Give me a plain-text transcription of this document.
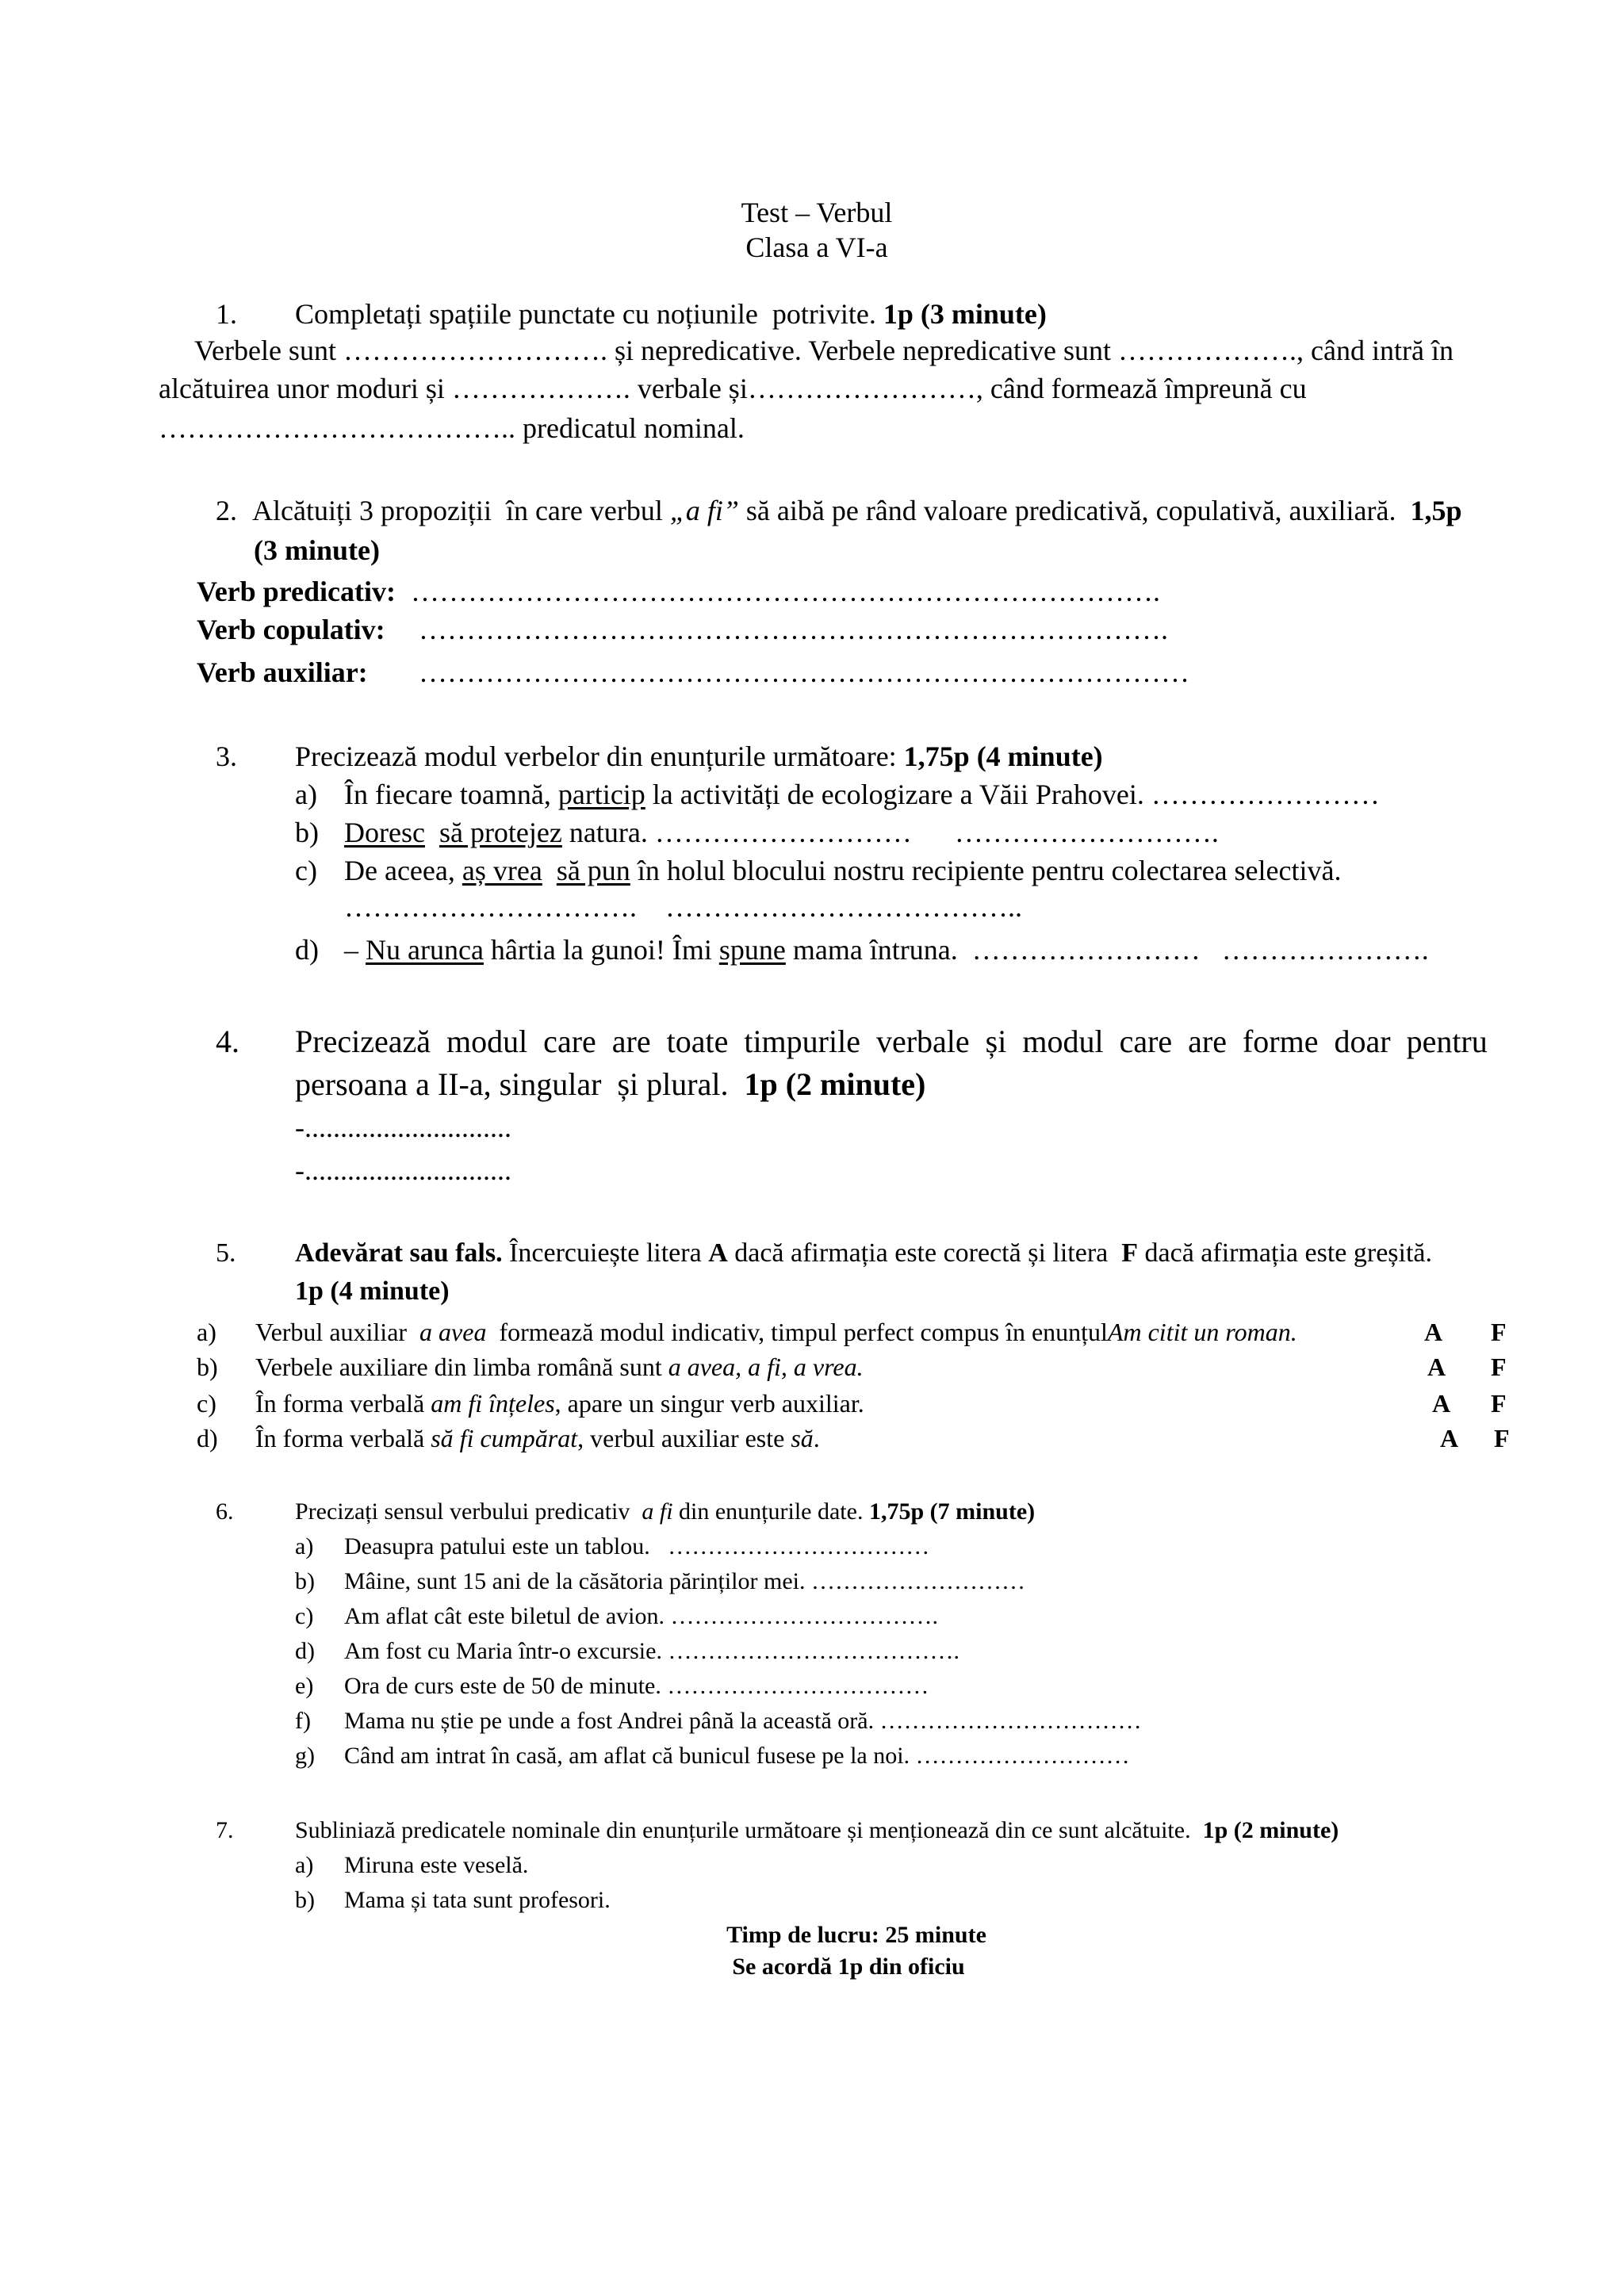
Test – Verbul
Clasa a VI-a
1. Completați spațiile punctate cu noțiunile  potrivite. 1p (3 minute)
Verbele sunt ………………………. și nepredicative. Verbele nepredicative sunt ………………., când intră în
alcătuirea unor moduri și ………………. verbale și……………………, când formează împreună cu
……………………………….. predicatul nominal.
2. Alcătuiți 3 propoziții  în care verbul „a fi” să aibă pe rând valoare predicativă, copulativă, auxiliară. 1,5p
(3 minute)
Verb predicativ: …………………………………………………………………….
Verb copulativ: …………………………………………………………………….
Verb auxiliar: ………………………………………………………………………
3. Precizează modul verbelor din enunțurile următoare: 1,75p (4 minute)
a) În fiecare toamnă, particip la activități de ecologizare a Văii Prahovei. ……………………
b) Doresc să protejez natura. ……………………… ……………………….
c) De aceea, aș vrea să pun în holul blocului nostru recipiente pentru colectarea selectivă.
…………………………. ………………………………..
d) – Nu arunca hârtia la gunoi! Îmi spune mama întruna. …………………… ………………….
4. Precizează  modul  care  are  toate  timpurile  verbale  și  modul  care  are  forme  doar  pentru
persoana a II-a, singular  și plural. 1p (2 minute)
-.............................
-.............................
5. Adevărat sau fals. Încercuiește litera A dacă afirmația este corectă și litera F dacă afirmația este greșită.
1p (4 minute)
a) Verbul auxiliar a avea formează modul indicativ, timpul perfect compus în enunțulAm citit un roman.	A F
b) Verbele auxiliare din limba română sunt a avea, a fi, a vrea.	A F
c) În forma verbală am fi înțeles, apare un singur verb auxiliar.	A F
d) În forma verbală să fi cumpărat, verbul auxiliar este să.	A F
6.	Precizați sensul verbului predicativ a fi din enunțurile date. 1,75p (7 minute)
a) Deasupra patului este un tablou.   ……………………………
b) Mâine, sunt 15 ani de la căsătoria părinților mei. ………………………
c) Am aflat cât este biletul de avion. …………………………….
d) Am fost cu Maria într-o excursie. ……………………………….
e) Ora de curs este de 50 de minute. ……………………………
f) Mama nu știe pe unde a fost Andrei până la această oră. ……………………………
g) Când am intrat în casă, am aflat că bunicul fusese pe la noi. ………………………
7.	Subliniază predicatele nominale din enunțurile următoare și menționează din ce sunt alcătuite. 1p (2 minute)
a) Miruna este veselă.
b) Mama și tata sunt profesori.
Timp de lucru: 25 minute
Se acordă 1p din oficiu
